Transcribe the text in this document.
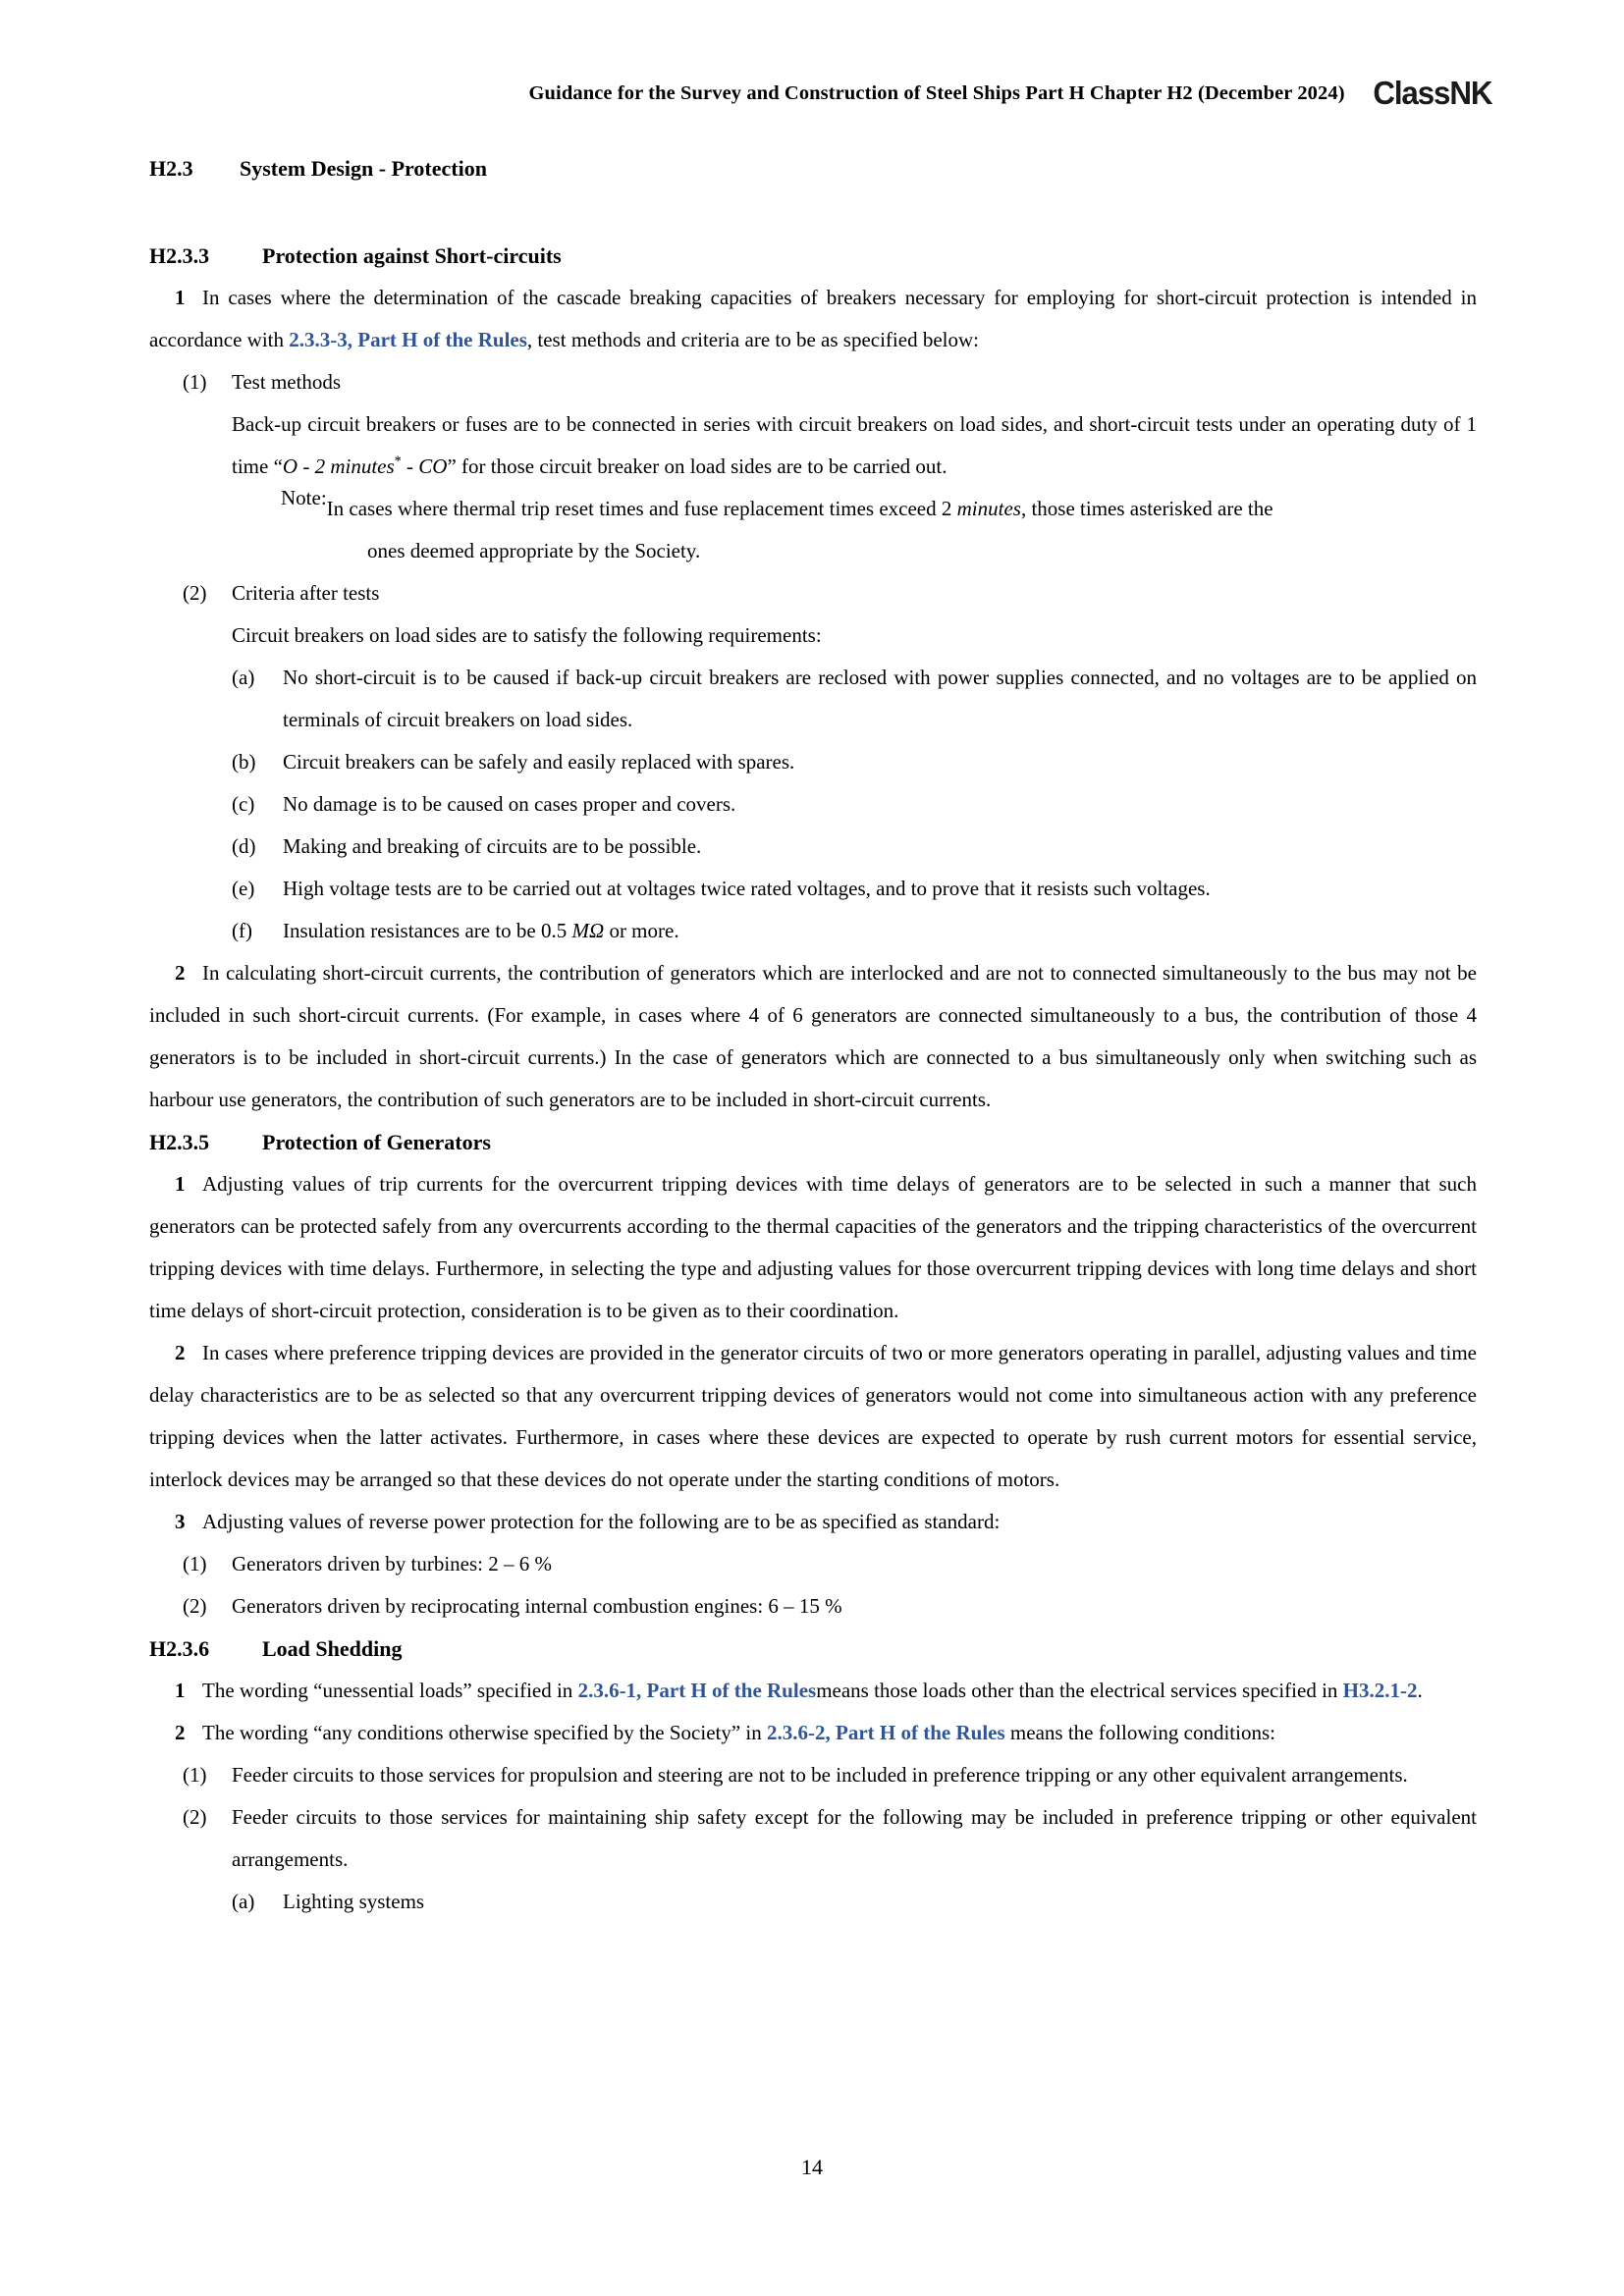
Guidance for the Survey and Construction of Steel Ships Part H Chapter H2 (December 2024) ClassNK
H2.3	System Design - Protection
H2.3.3	Protection against Short-circuits

1 In cases where the determination of the cascade breaking capacities of breakers necessary for employing for short-circuit protection is intended in accordance with 2.3.3-3, Part H of the Rules, test methods and criteria are to be as specified below:

(1)	Test methods

Back-up circuit breakers or fuses are to be connected in series with circuit breakers on load sides, and short-circuit tests under an operating duty of 1 time “O - 2 minutes* - CO” for those circuit breaker on load sides are to be carried out.

Note: In cases where thermal trip reset times and fuse replacement times exceed 2 minutes, those times asterisked are the
ones deemed appropriate by the Society.
(2)	Criteria after tests

Circuit breakers on load sides are to satisfy the following requirements:

(a)	No short-circuit is to be caused if back-up circuit breakers are reclosed with power supplies connected, and no voltages are to be applied on terminals of circuit breakers on load sides.
(b)	Circuit breakers can be safely and easily replaced with spares.
(c)	No damage is to be caused on cases proper and covers.
(d)	Making and breaking of circuits are to be possible.
(e)	High voltage tests are to be carried out at voltages twice rated voltages, and to prove that it resists such voltages.
(f)	Insulation resistances are to be 0.5 MΩ or more.

2 In calculating short-circuit currents, the contribution of generators which are interlocked and are not to connected simultaneously to the bus may not be included in such short-circuit currents. (For example, in cases where 4 of 6 generators are connected simultaneously to a bus, the contribution of those 4 generators is to be included in short-circuit currents.) In the case of generators which are connected to a bus simultaneously only when switching such as harbour use generators, the contribution of such generators are to be included in short-circuit currents.

H2.3.5	Protection of Generators

1 Adjusting values of trip currents for the overcurrent tripping devices with time delays of generators are to be selected in such a manner that such generators can be protected safely from any overcurrents according to the thermal capacities of the generators and the tripping characteristics of the overcurrent tripping devices with time delays. Furthermore, in selecting the type and adjusting values for those overcurrent tripping devices with long time delays and short time delays of short-circuit protection, consideration is to be given as to their coordination.

2 In cases where preference tripping devices are provided in the generator circuits of two or more generators operating in parallel, adjusting values and time delay characteristics are to be as selected so that any overcurrent tripping devices of generators would not come into simultaneous action with any preference tripping devices when the latter activates. Furthermore, in cases where these devices are expected to operate by rush current motors for essential service, interlock devices may be arranged so that these devices do not operate under the starting conditions of motors.

3 Adjusting values of reverse power protection for the following are to be as specified as standard:

(1)	Generators driven by turbines: 2 – 6 %
(2)	Generators driven by reciprocating internal combustion engines: 6 – 15 %
H2.3.6	Load Shedding

1 The wording “unessential loads” specified in 2.3.6-1, Part H of the Rulesmeans those loads other than the electrical services specified in H3.2.1-2.

2 The wording “any conditions otherwise specified by the Society” in 2.3.6-2, Part H of the Rules means the following conditions:

(1)	Feeder circuits to those services for propulsion and steering are not to be included in preference tripping or any other equivalent arrangements.
(2)	Feeder circuits to those services for maintaining ship safety except for the following may be included in preference tripping or other equivalent arrangements.
(a)	Lighting systems
14
